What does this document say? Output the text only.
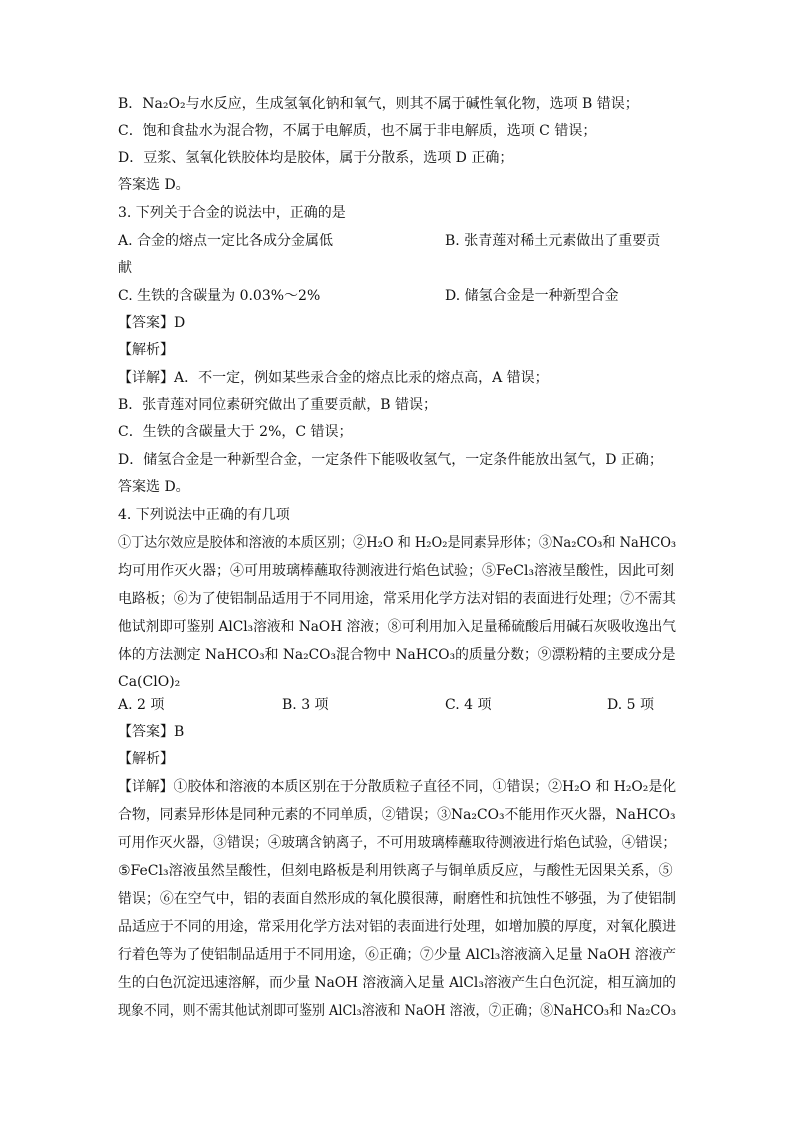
B．Na₂O₂与水反应，生成氢氧化钠和氧气，则其不属于碱性氧化物，选项 B 错误；
C．饱和食盐水为混合物，不属于电解质，也不属于非电解质，选项 C 错误；
D．豆浆、氢氧化铁胶体均是胶体，属于分散系，选项 D 正确；
答案选 D。
3. 下列关于合金的说法中，正确的是
A. 合金的熔点一定比各成分金属低	B. 张青莲对稀土元素做出了重要贡
献
C. 生铁的含碳量为 0.03%～2%	D. 储氢合金是一种新型合金
【答案】D
【解析】
【详解】A．不一定，例如某些汞合金的熔点比汞的熔点高，A 错误；
B．张青莲对同位素研究做出了重要贡献，B 错误；
C．生铁的含碳量大于 2%，C 错误；
D．储氢合金是一种新型合金，一定条件下能吸收氢气，一定条件能放出氢气，D 正确；
答案选 D。
4. 下列说法中正确的有几项
①丁达尔效应是胶体和溶液的本质区别；②H₂O 和 H₂O₂是同素异形体；③Na₂CO₃和 NaHCO₃
均可用作灭火器；④可用玻璃棒蘸取待测液进行焰色试验；⑤FeCl₃溶液呈酸性，因此可刻
电路板；⑥为了使铝制品适用于不同用途，常采用化学方法对铝的表面进行处理；⑦不需其
他试剂即可鉴别 AlCl₃溶液和 NaOH 溶液；⑧可利用加入足量稀硫酸后用碱石灰吸收逸出气
体的方法测定 NaHCO₃和 Na₂CO₃混合物中 NaHCO₃的质量分数；⑨漂粉精的主要成分是
Ca(ClO)₂
A. 2 项	B. 3 项	C. 4 项	D. 5 项
【答案】B
【解析】
【详解】①胶体和溶液的本质区别在于分散质粒子直径不同，①错误；②H₂O 和 H₂O₂是化
合物，同素异形体是同种元素的不同单质，②错误；③Na₂CO₃不能用作灭火器，NaHCO₃
可用作灭火器，③错误；④玻璃含钠离子，不可用玻璃棒蘸取待测液进行焰色试验，④错误；
⑤FeCl₃溶液虽然呈酸性，但刻电路板是利用铁离子与铜单质反应，与酸性无因果关系，⑤
错误；⑥在空气中，铝的表面自然形成的氧化膜很薄，耐磨性和抗蚀性不够强，为了使铝制
品适应于不同的用途，常采用化学方法对铝的表面进行处理，如增加膜的厚度，对氧化膜进
行着色等为了使铝制品适用于不同用途，⑥正确；⑦少量 AlCl₃溶液滴入足量 NaOH 溶液产
生的白色沉淀迅速溶解，而少量 NaOH 溶液滴入足量 AlCl₃溶液产生白色沉淀，相互滴加的
现象不同，则不需其他试剂即可鉴别 AlCl₃溶液和 NaOH 溶液，⑦正确；⑧NaHCO₃和 Na₂CO₃
